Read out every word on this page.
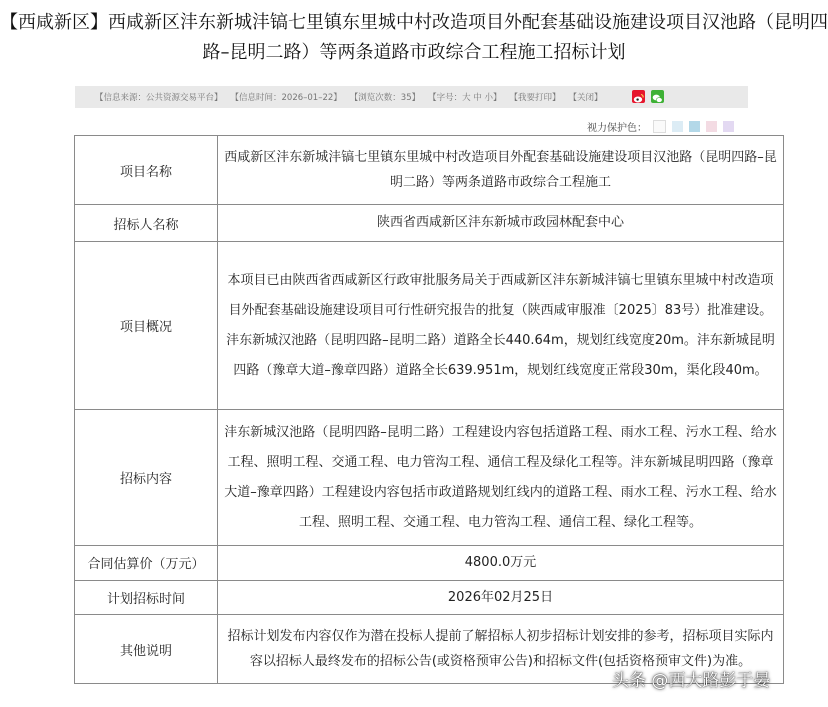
【西咸新区】西咸新区沣东新城沣镐七里镇东里城中村改造项目外配套基础设施建设项目汉池路（昆明四
路–昆明二路）等两条道路市政综合工程施工招标计划
【信息来源：公共资源交易平台】 【信息时间：2026–01–22】 【浏览次数：35】 【字号：大 中 小】 【我要打印】 【关闭】
视力保护色：
项目名称	西咸新区沣东新城沣镐七里镇东里城中村改造项目外配套基础设施建设项目汉池路（昆明四路–昆明二路）等两条道路市政综合工程施工
招标人名称	陕西省西咸新区沣东新城市政园林配套中心
项目概况	本项目已由陕西省西咸新区行政审批服务局关于西咸新区沣东新城沣镐七里镇东里城中村改造项目外配套基础设施建设项目可行性研究报告的批复（陕西咸审服准〔2025〕83号）批准建设。沣东新城汉池路（昆明四路–昆明二路）道路全长440.64m，规划红线宽度20m。沣东新城昆明四路（豫章大道–豫章四路）道路全长639.951m，规划红线宽度正常段30m，渠化段40m。
招标内容	沣东新城汉池路（昆明四路–昆明二路）工程建设内容包括道路工程、雨水工程、污水工程、给水工程、照明工程、交通工程、电力管沟工程、通信工程及绿化工程等。沣东新城昆明四路（豫章大道–豫章四路）工程建设内容包括市政道路规划红线内的道路工程、雨水工程、污水工程、给水工程、照明工程、交通工程、电力管沟工程、通信工程、绿化工程等。
合同估算价（万元）	4800.0万元
计划招标时间	2026年02月25日
其他说明	招标计划发布内容仅作为潜在投标人提前了解招标人初步招标计划安排的参考，招标项目实际内容以招标人最终发布的招标公告(或资格预审公告)和招标文件(包括资格预审文件)为准。
头条 @西大路彭于晏
